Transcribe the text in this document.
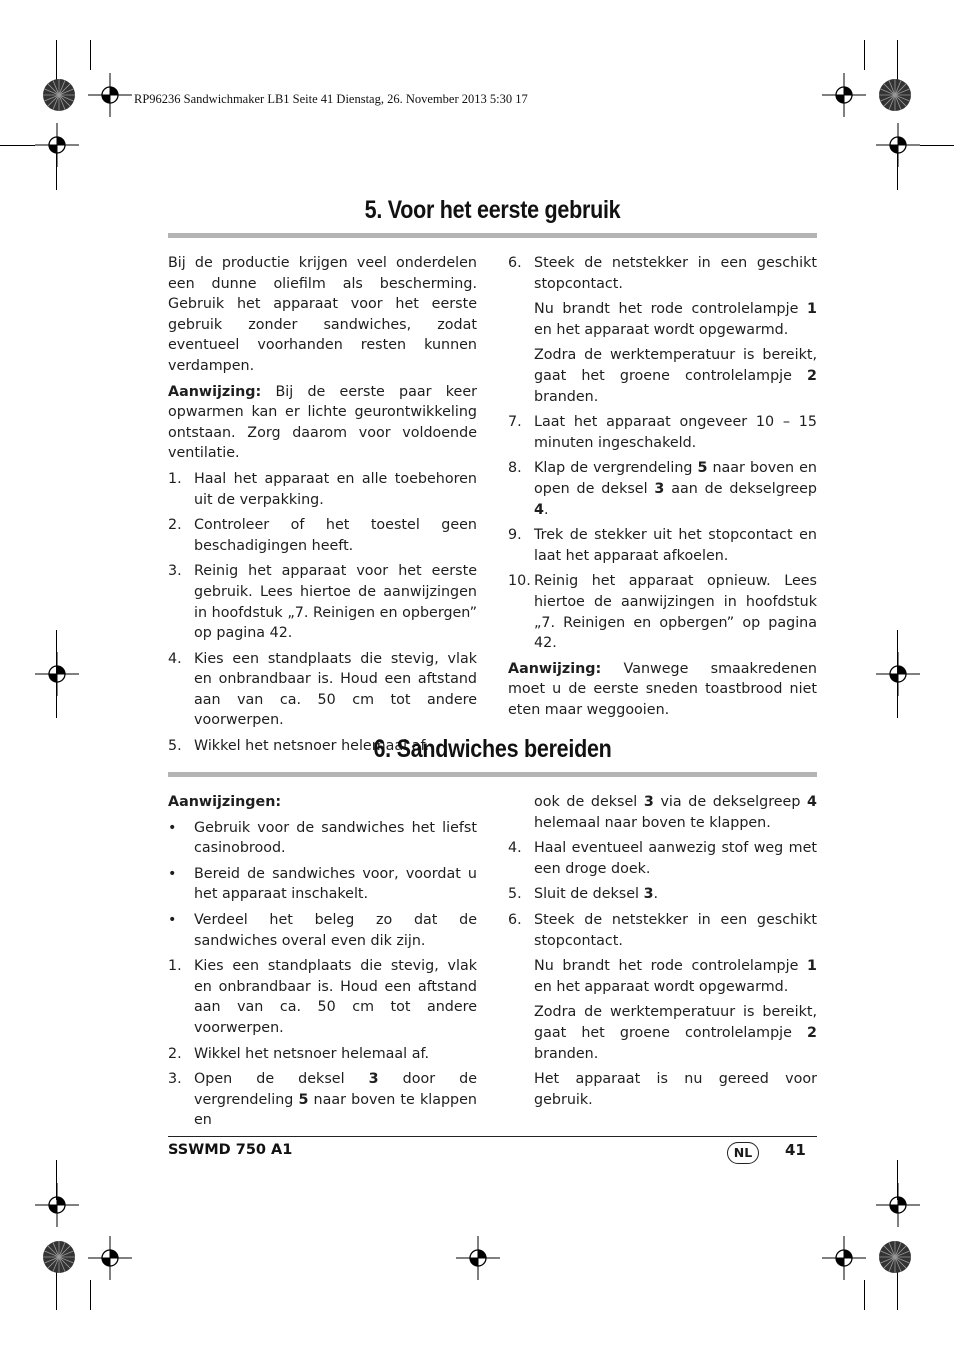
RP96236 Sandwichmaker LB1 Seite 41 Dienstag, 26. November 2013 5:30 17
5. Voor het eerste gebruik

Bij de productie krijgen veel onderdelen een dunne oliefilm als bescherming. Gebruik het apparaat voor het eerste gebruik zonder sandwiches, zodat eventueel voorhanden resten kunnen verdampen.

Aanwijzing: Bij de eerste paar keer opwarmen kan er lichte geurontwikkeling ontstaan. Zorg daarom voor voldoende ventilatie.

1. Haal het apparaat en alle toebehoren uit de verpakking.
2. Controleer of het toestel geen beschadigingen heeft.
3. Reinig het apparaat voor het eerste gebruik. Lees hiertoe de aanwijzingen in hoofdstuk „7. Reinigen en opbergen” op pagina 42.
4. Kies een standplaats die stevig, vlak en onbrandbaar is. Houd een aftstand aan van ca. 50 cm tot andere voorwerpen.
5. Wikkel het netsnoer helemaal af.
6. Steek de netstekker in een geschikt stopcontact.

Nu brandt het rode controlelampje 1 en het apparaat wordt opgewarmd.

Zodra de werktemperatuur is bereikt, gaat het groene controlelampje 2 branden.

7. Laat het apparaat ongeveer 10 – 15 minuten ingeschakeld.
8. Klap de vergrendeling 5 naar boven en open de deksel 3 aan de dekselgreep 4.
9. Trek de stekker uit het stopcontact en laat het apparaat afkoelen.
10. Reinig het apparaat opnieuw. Lees hiertoe de aanwijzingen in hoofdstuk „7. Reinigen en opbergen” op pagina 42.

Aanwijzing: Vanwege smaakredenen moet u de eerste sneden toastbrood niet eten maar weggooien.

6. Sandwiches bereiden

Aanwijzingen:

•	Gebruik voor de sandwiches het liefst casinobrood.
•	Bereid de sandwiches voor, voordat u het apparaat inschakelt.
•	Verdeel het beleg zo dat de sandwiches overal even dik zijn.
1. Kies een standplaats die stevig, vlak en onbrandbaar is. Houd een aftstand aan van ca. 50 cm tot andere voorwerpen.
2. Wikkel het netsnoer helemaal af.
3. Open de deksel 3 door de vergrendeling 5 naar boven te klappen en

ook de deksel 3 via de dekselgreep 4 helemaal naar boven te klappen.

4. Haal eventueel aanwezig stof weg met een droge doek.
5. Sluit de deksel 3.
6. Steek de netstekker in een geschikt stopcontact.

Nu brandt het rode controlelampje 1 en het apparaat wordt opgewarmd.

Zodra de werktemperatuur is bereikt, gaat het groene controlelampje 2 branden.

Het apparaat is nu gereed voor gebruik.

SSWMD 750 A1	NL	41
